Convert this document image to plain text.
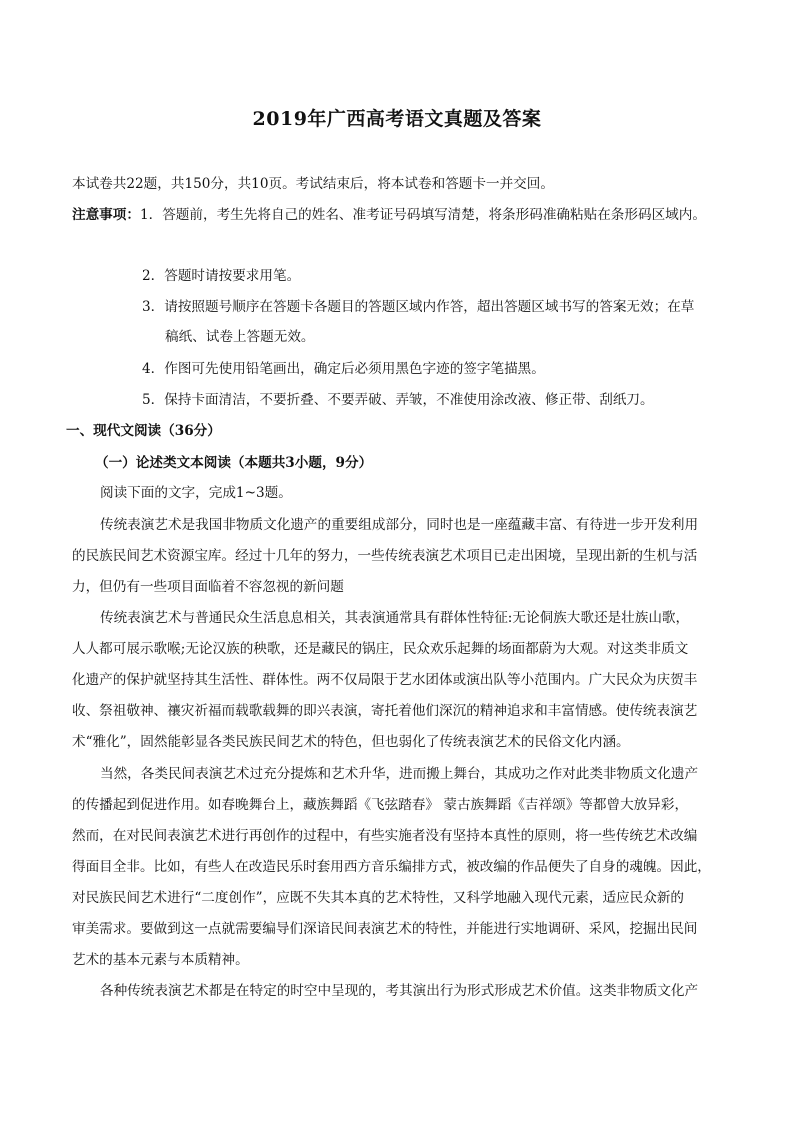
2019年广西高考语文真题及答案
本试卷共22题，共150分，共10页。考试结束后，将本试卷和答题卡一并交回。
注意事项：1．答题前，考生先将自己的姓名、准考证号码填写清楚，将条形码准确粘贴在条形码区域内。
2．答题时请按要求用笔。
3．请按照题号顺序在答题卡各题目的答题区域内作答，超出答题区域书写的答案无效；在草
稿纸、试卷上答题无效。
4．作图可先使用铅笔画出，确定后必须用黑色字迹的签字笔描黑。
5．保持卡面清洁，不要折叠、不要弄破、弄皱，不准使用涂改液、修正带、刮纸刀。
一、现代文阅读（36分）
（一）论述类文本阅读（本题共3小题，9分）
阅读下面的文字，完成1~3题。
传统表演艺术是我国非物质文化遗产的重要组成部分，同时也是一座蕴藏丰富、有待进一步开发利用
的民族民间艺术资源宝库。经过十几年的努力，一些传统表演艺术项目已走出困境，呈现出新的生机与活
力，但仍有一些项目面临着不容忽视的新问题
传统表演艺术与普通民众生活息息相关，其表演通常具有群体性特征:无论侗族大歌还是壮族山歌，
人人都可展示歌喉;无论汉族的秧歌，还是藏民的锅庄，民众欢乐起舞的场面都蔚为大观。对这类非质文
化遗产的保护就坚持其生活性、群体性。两不仅局限于艺水团体或演出队等小范围内。广大民众为庆贺丰
收、祭祖敬神、禳灾祈福而载歌载舞的即兴表演，寄托着他们深沉的精神追求和丰富情感。使传统表演艺
术“雅化”，固然能彰显各类民族民间艺术的特色，但也弱化了传统表演艺术的民俗文化内涵。
当然，各类民间表演艺术过充分提炼和艺术升华，进而搬上舞台，其成功之作对此类非物质文化遗产
的传播起到促进作用。如春晚舞台上，藏族舞蹈《飞弦踏春》 蒙古族舞蹈《吉祥颂》等都曾大放异彩，
然而，在对民间表演艺术进行再创作的过程中，有些实施者没有坚持本真性的原则，将一些传统艺术改编
得面目全非。比如，有些人在改造民乐时套用西方音乐编排方式，被改编的作品便失了自身的魂魄。因此，
对民族民间艺术进行“二度创作”，应既不失其本真的艺术特性，又科学地融入现代元素，适应民众新的
审美需求。要做到这一点就需要编导们深谙民间表演艺术的特性，并能进行实地调研、采风，挖掘出民间
艺术的基本元素与本质精神。
各种传统表演艺术都是在特定的时空中呈现的，考其演出行为形式形成艺术价值。这类非物质文化产
